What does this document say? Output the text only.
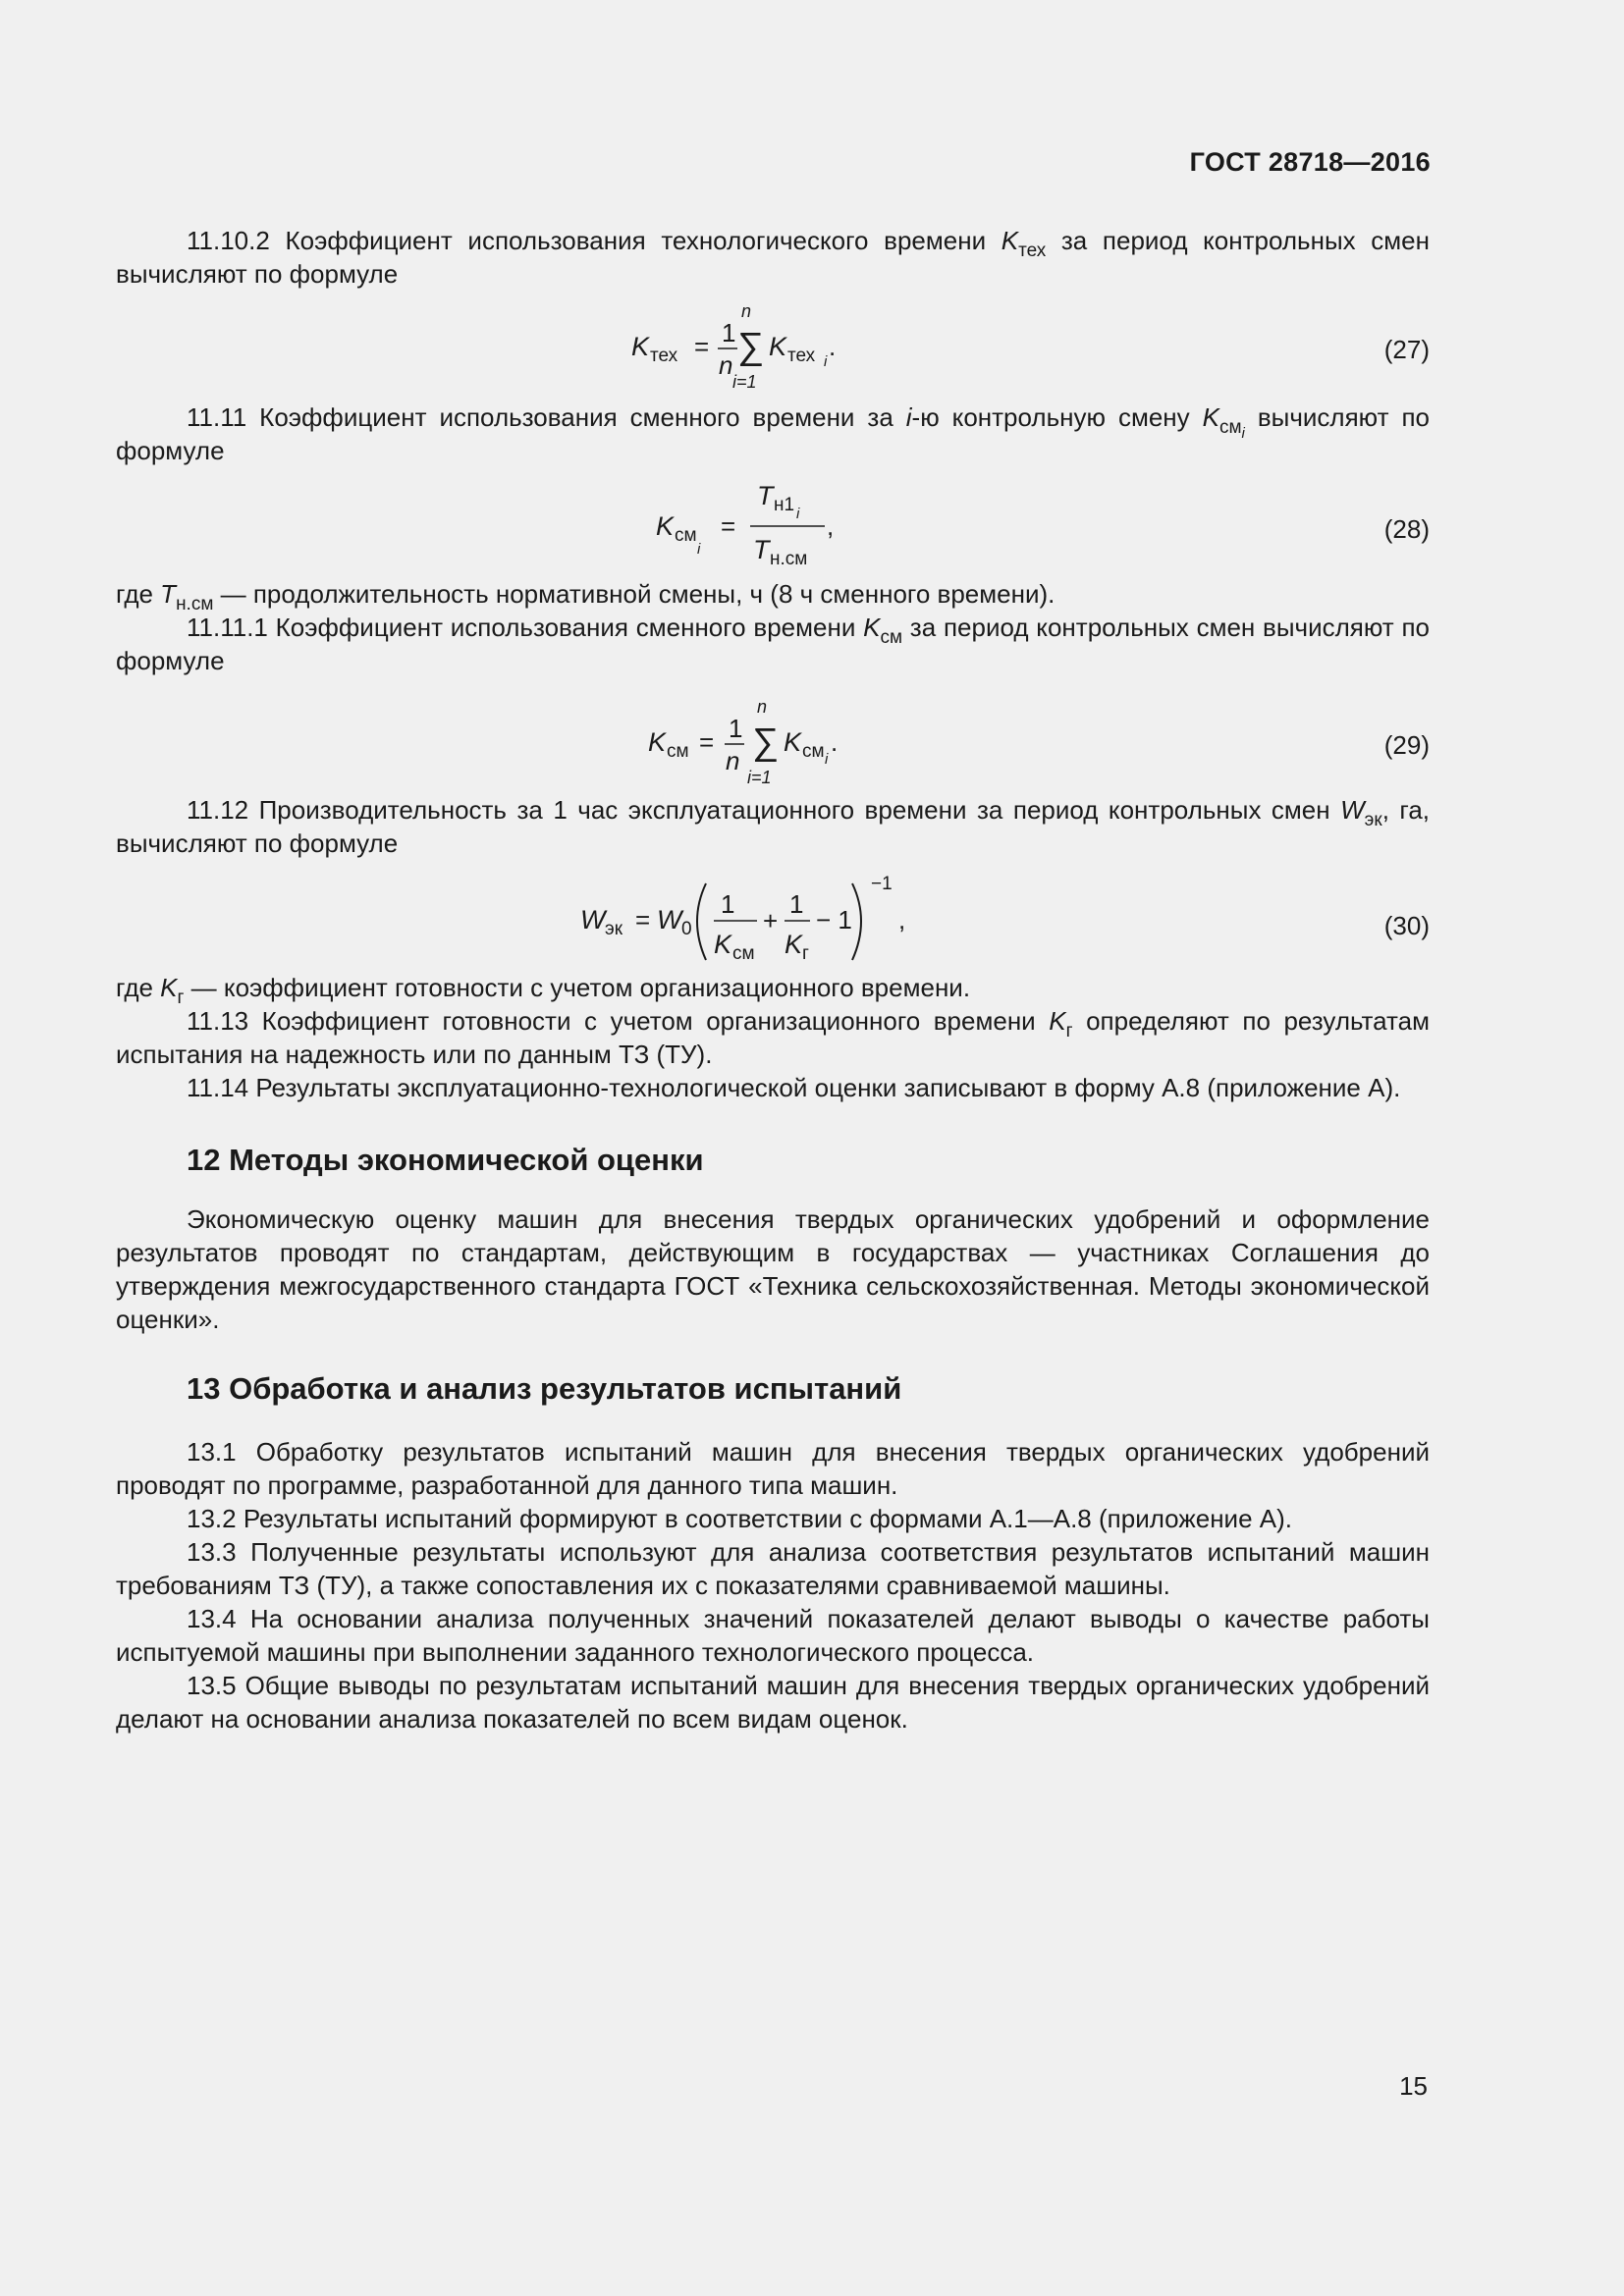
ГОСТ 28718—2016

11.10.2 Коэффициент использования технологического времени $K_{тех}$ за период контрольных смен вычисляют по формуле

K тех = 1
n
n
∑
i=1
K тех i
.	(27)

11.11 Коэффициент использования сменного времени за i-ю контрольную смену $K_{см_i}$ вычисляют по формуле

K см
i
=
T н1 i
T н.см
,	(28)

где $T_{н.см}$ — продолжительность нормативной смены, ч (8 ч сменного времени).

11.11.1 Коэффициент использования сменного времени $K_{см}$ за период контрольных смен вычисляют по формуле

K см = 1
n
n
∑
i=1
K см i
.	(29)

11.12 Производительность за 1 час эксплуатационного времени за период контрольных смен $W_{эк}$, га, вычисляют по формуле

W эк = W 0
1
K см
+
1
K г
− 1
−1
,	(30)

где $K_г$ — коэффициент готовности с учетом организационного времени.

11.13 Коэффициент готовности с учетом организационного времени $K_г$ определяют по результатам испытания на надежность или по данным ТЗ (ТУ).

11.14 Результаты эксплуатационно-технологической оценки записывают в форму А.8 (приложение А).

12 Методы экономической оценки

Экономическую оценку машин для внесения твердых органических удобрений и оформление результатов проводят по стандартам, действующим в государствах — участниках Соглашения до утверждения межгосударственного стандарта ГОСТ «Техника сельскохозяйственная. Методы экономической оценки».

13 Обработка и анализ результатов испытаний

13.1 Обработку результатов испытаний машин для внесения твердых органических удобрений проводят по программе, разработанной для данного типа машин.

13.2 Результаты испытаний формируют в соответствии с формами А.1—А.8 (приложение А).

13.3 Полученные результаты используют для анализа соответствия результатов испытаний машин требованиям ТЗ (ТУ), а также сопоставления их с показателями сравниваемой машины.

13.4 На основании анализа полученных значений показателей делают выводы о качестве работы испытуемой машины при выполнении заданного технологического процесса.

13.5 Общие выводы по результатам испытаний машин для внесения твердых органических удобрений делают на основании анализа показателей по всем видам оценок.

15
